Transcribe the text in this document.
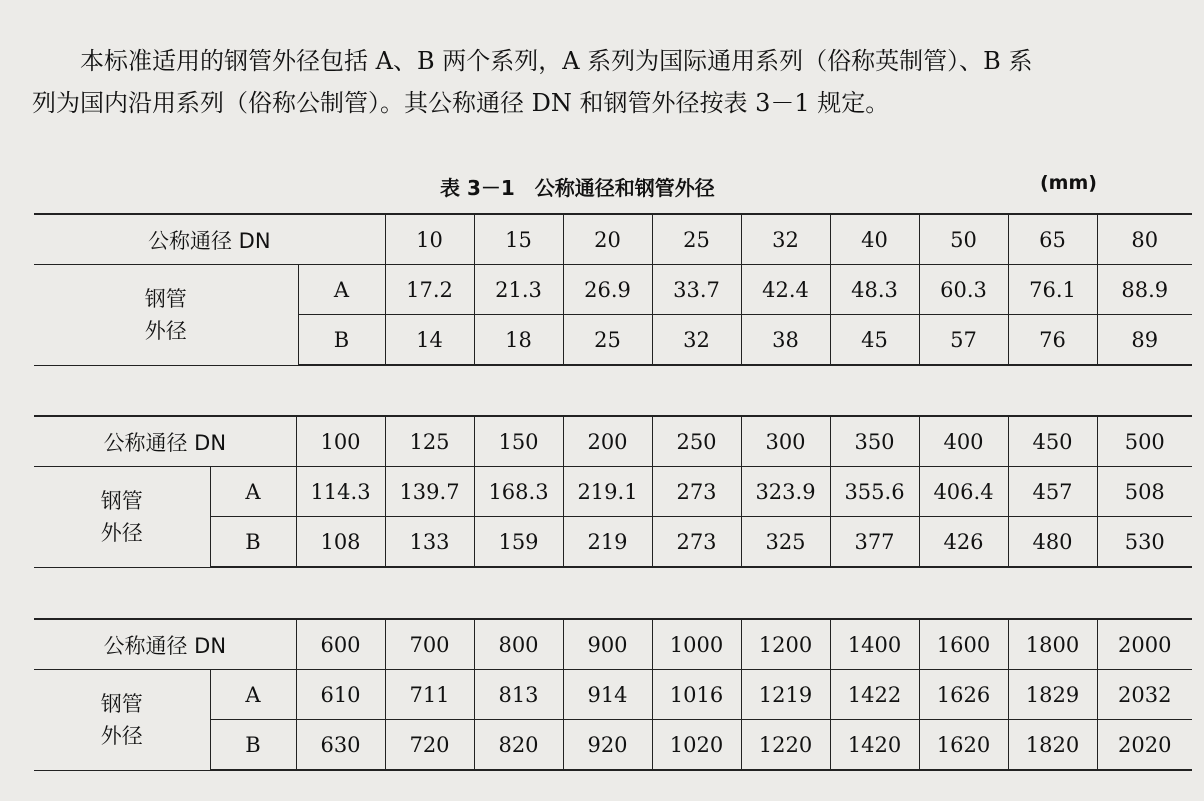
本标准适用的钢管外径包括 A、B 两个系列，A 系列为国际通用系列（俗称英制管）、B 系
列为国内沿用系列（俗称公制管）。其公称通径 DN 和钢管外径按表 3－1 规定。

表 3－1　公称通径和钢管外径	(mm)
公称通径 DN		10	15	20	25	32	40	50	65	80

钢管
外径	A	17.2	21.3	26.9	33.7	42.4	48.3	60.3	76.1	88.9
	B	14	18	25	32	38	45	57	76	89
公称通径 DN		100	125	150	200	250	300	350	400	450	500

钢管
外径	A	114.3	139.7	168.3	219.1	273	323.9	355.6	406.4	457	508
	B	108	133	159	219	273	325	377	426	480	530
公称通径 DN		600	700	800	900	1000	1200	1400	1600	1800	2000

钢管
外径	A	610	711	813	914	1016	1219	1422	1626	1829	2032
	B	630	720	820	920	1020	1220	1420	1620	1820	2020
